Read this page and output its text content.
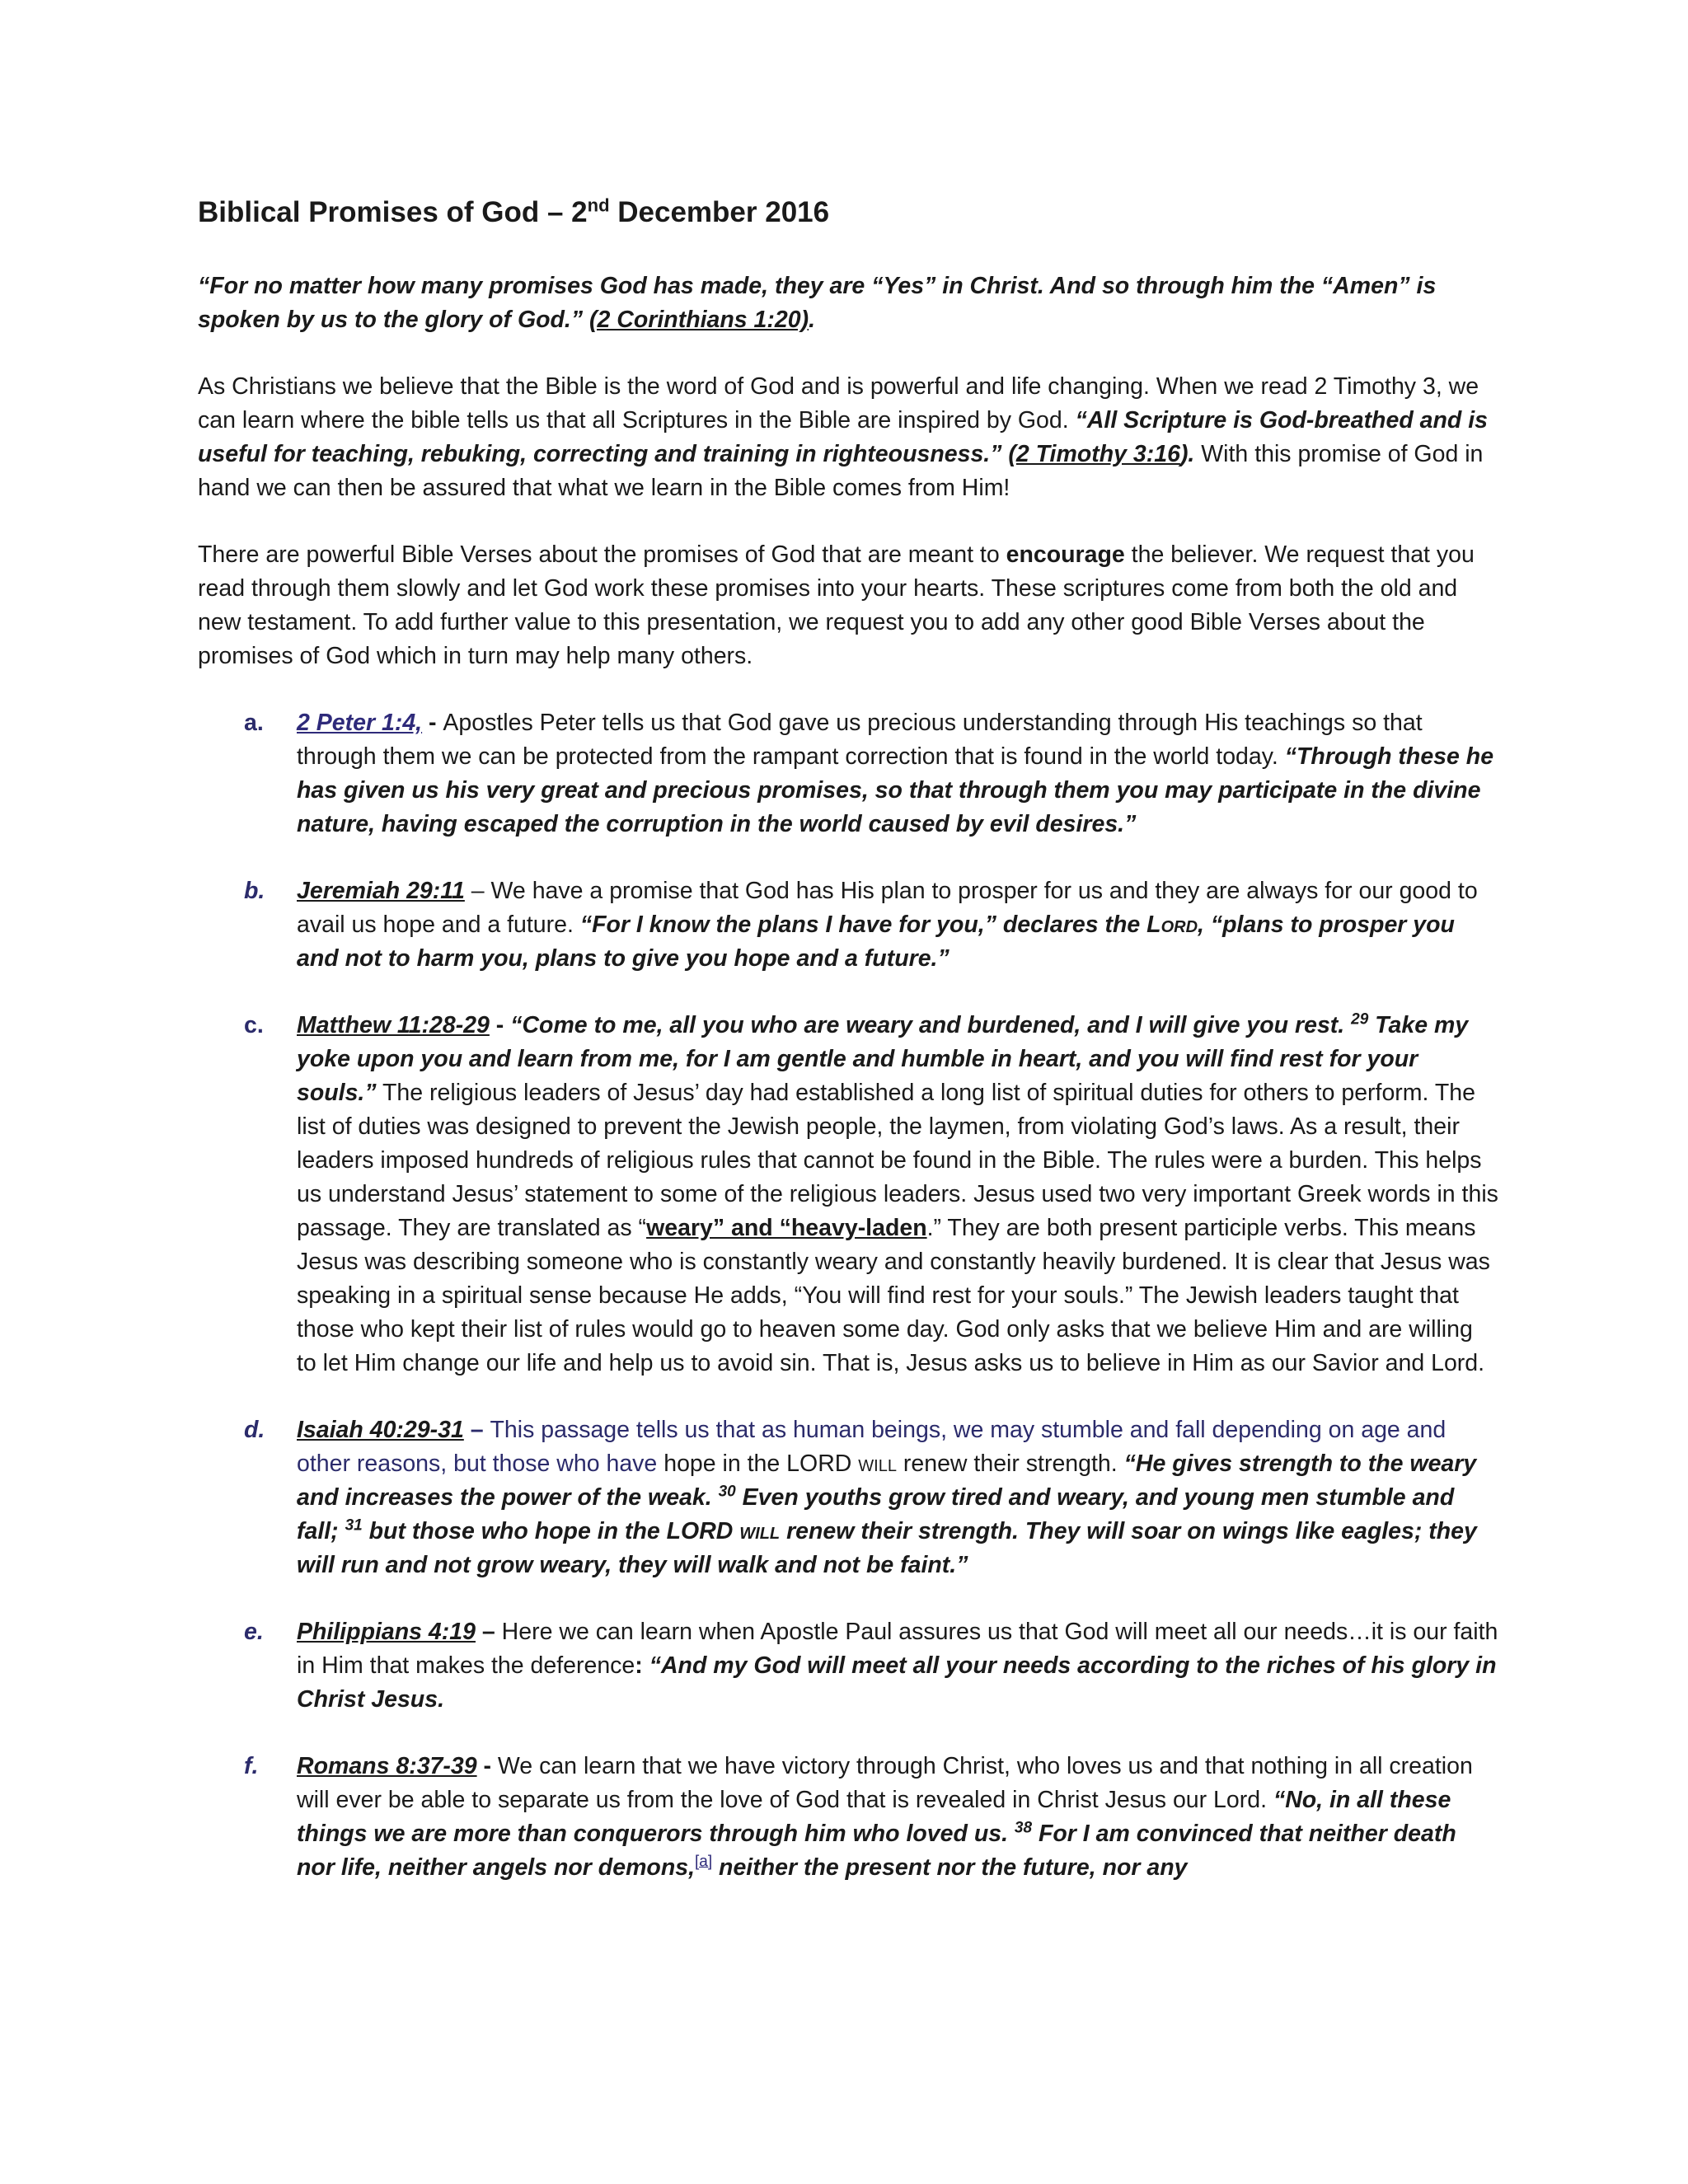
Biblical Promises of God – 2nd December 2016

“For no matter how many promises God has made, they are “Yes” in Christ. And so through him the “Amen” is spoken by us to the glory of God.” (2 Corinthians 1:20).

As Christians we believe that the Bible is the word of God and is powerful and life changing. When we read 2 Timothy 3, we can learn where the bible tells us that all Scriptures in the Bible are inspired by God. “All Scripture is God-breathed and is useful for teaching, rebuking, correcting and training in righteousness.” (2 Timothy 3:16). With this promise of God in hand we can then be assured that what we learn in the Bible comes from Him!

There are powerful Bible Verses about the promises of God that are meant to encourage the believer. We request that you read through them slowly and let God work these promises into your hearts. These scriptures come from both the old and new testament. To add further value to this presentation, we request you to add any other good Bible Verses about the promises of God which in turn may help many others.

a. 2 Peter 1:4, - Apostles Peter tells us that God gave us precious understanding through His teachings so that through them we can be protected from the rampant correction that is found in the world today. “Through these he has given us his very great and precious promises, so that through them you may participate in the divine nature, having escaped the corruption in the world caused by evil desires.”
b. Jeremiah 29:11 – We have a promise that God has His plan to prosper for us and they are always for our good to avail us hope and a future. “For I know the plans I have for you,” declares the Lord, “plans to prosper you and not to harm you, plans to give you hope and a future.”
c. Matthew 11:28-29 - “Come to me, all you who are weary and burdened, and I will give you rest. $^{29}$ Take my yoke upon you and learn from me, for I am gentle and humble in heart, and you will find rest for your souls.” The religious leaders of Jesus’ day had established a long list of spiritual duties for others to perform. The list of duties was designed to prevent the Jewish people, the laymen, from violating God’s laws. As a result, their leaders imposed hundreds of religious rules that cannot be found in the Bible. The rules were a burden. This helps us understand Jesus’ statement to some of the religious leaders. Jesus used two very important Greek words in this passage. They are translated as “weary” and “heavy-laden.” They are both present participle verbs. This means Jesus was describing someone who is constantly weary and constantly heavily burdened. It is clear that Jesus was speaking in a spiritual sense because He adds, “You will find rest for your souls.” The Jewish leaders taught that those who kept their list of rules would go to heaven some day. God only asks that we believe Him and are willing to let Him change our life and help us to avoid sin. That is, Jesus asks us to believe in Him as our Savior and Lord.
d. Isaiah 40:29-31 – This passage tells us that as human beings, we may stumble and fall depending on age and other reasons, but those who have hope in the LORD will renew their strength. “He gives strength to the weary and increases the power of the weak. $^{30}$ Even youths grow tired and weary, and young men stumble and fall; $^{31}$ but those who hope in the LORD will renew their strength. They will soar on wings like eagles; they will run and not grow weary, they will walk and not be faint.”
e. Philippians 4:19 – Here we can learn when Apostle Paul assures us that God will meet all our needs…it is our faith in Him that makes the deference: “And my God will meet all your needs according to the riches of his glory in Christ Jesus.
f. Romans 8:37-39 - We can learn that we have victory through Christ, who loves us and that nothing in all creation will ever be able to separate us from the love of God that is revealed in Christ Jesus our Lord. “No, in all these things we are more than conquerors through him who loved us. $^{38}$ For I am convinced that neither death nor life, neither angels nor demons,[a] neither the present nor the future, nor any
